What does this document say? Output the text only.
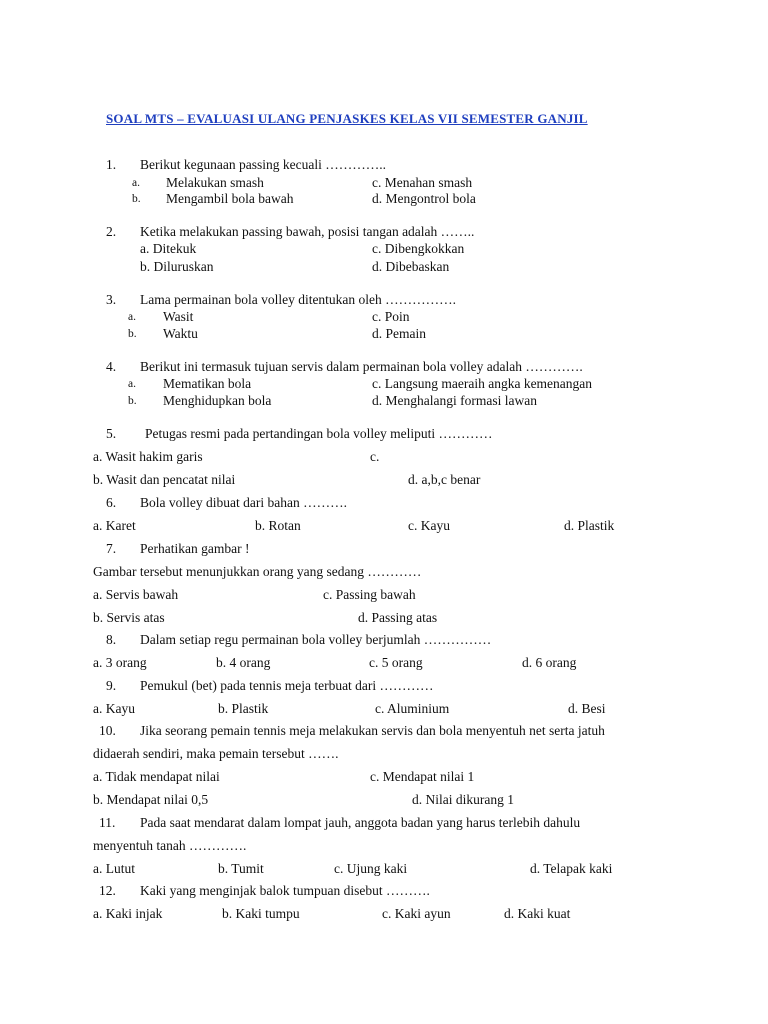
SOAL MTS – EVALUASI ULANG PENJASKES KELAS VII SEMESTER GANJIL
1. Berikut kegunaan passing kecuali …………..
a. Melakukan smash	c. Menahan smash
b. Mengambil bola bawah	d. Mengontrol bola
2. Ketika melakukan passing bawah, posisi tangan adalah ……..
a. Ditekuk	c. Dibengkokkan
b. Diluruskan	d. Dibebaskan
3. Lama permainan bola volley ditentukan oleh …………….
a. Wasit	c. Poin
b. Waktu	d. Pemain
4. Berikut ini termasuk tujuan servis dalam permainan bola volley adalah ………….
a. Mematikan bola	c. Langsung maeraih angka kemenangan
b. Menghidupkan bola	d. Menghalangi formasi lawan
5. Petugas resmi pada pertandingan bola volley meliputi …………
a. Wasit hakim garis	c.
b. Wasit dan pencatat nilai	d. a,b,c benar
6. Bola volley dibuat dari bahan ……….
a. Karet	b. Rotan	c. Kayu	d. Plastik
7. Perhatikan gambar !
Gambar tersebut menunjukkan orang yang sedang …………
a. Servis bawah	c. Passing bawah
b. Servis atas	d. Passing atas
8. Dalam setiap regu permainan bola volley berjumlah ……………
a. 3 orang	b. 4 orang	c. 5 orang	d. 6 orang
9. Pemukul (bet) pada tennis meja terbuat dari …………
a. Kayu	b. Plastik	c. Aluminium	d. Besi
10. Jika seorang pemain tennis meja melakukan servis dan bola menyentuh net serta jatuh
didaerah sendiri, maka pemain tersebut …….
a. Tidak mendapat nilai	c. Mendapat nilai 1
b. Mendapat nilai 0,5	d. Nilai dikurang 1
11. Pada saat mendarat dalam lompat jauh, anggota badan yang harus terlebih dahulu
menyentuh tanah ………….
a. Lutut	b. Tumit	c. Ujung kaki	d. Telapak kaki
12. Kaki yang menginjak balok tumpuan disebut ……….
a. Kaki injak	b. Kaki tumpu	c. Kaki ayun	d. Kaki kuat
